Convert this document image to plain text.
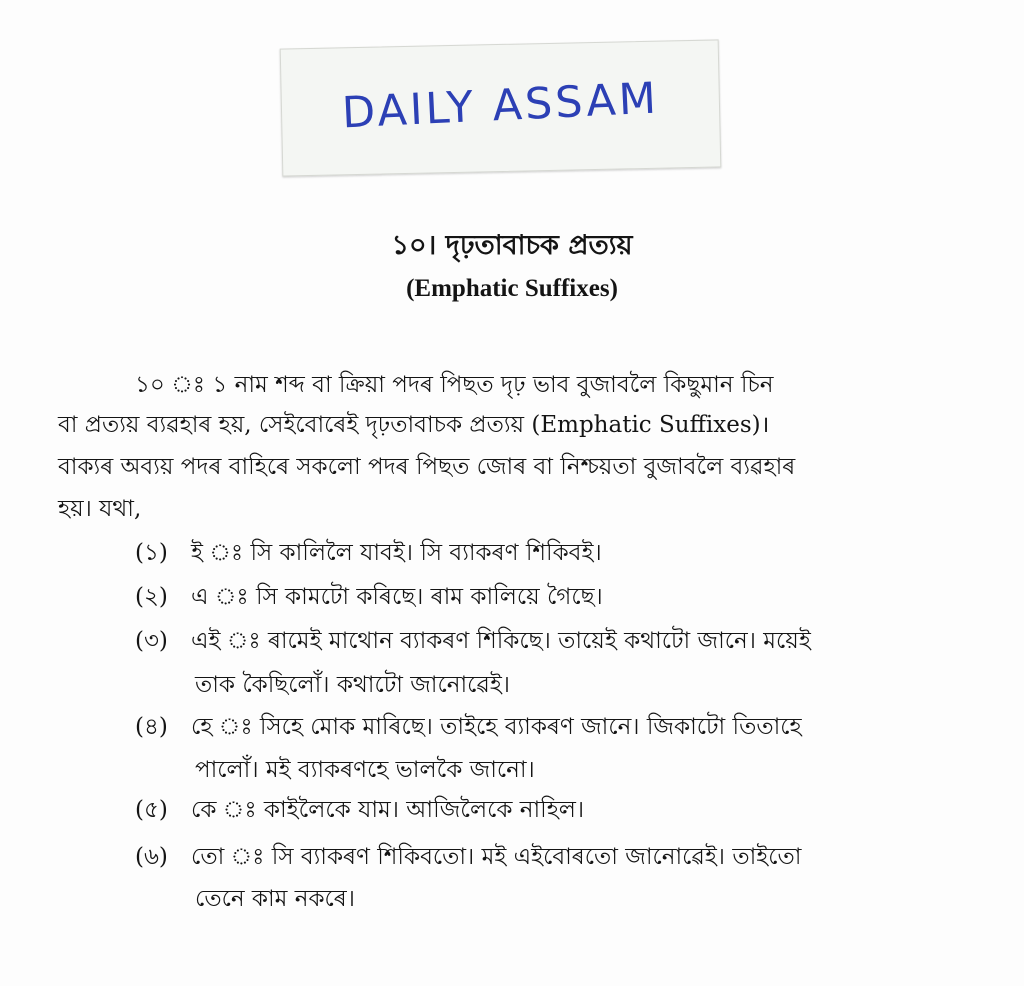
DAILY ASSAM
১০। দৃঢ়তাবাচক প্ৰত্যয়
(Emphatic Suffixes)
১০ ঃ ১ নাম শব্দ বা ক্ৰিয়া পদৰ পিছত দৃঢ় ভাব বুজাবলৈ কিছুমান চিন
বা প্ৰত্যয় ব্যৱহাৰ হয়, সেইবোৰেই দৃঢ়তাবাচক প্ৰত্যয় (Emphatic Suffixes)।
বাক্যৰ অব্যয় পদৰ বাহিৰে সকলো পদৰ পিছত জোৰ বা নিশ্চয়তা বুজাবলৈ ব্যৱহাৰ
হয়। যথা,
(১) ই ঃ সি কালিলৈ যাবই। সি ব্যাকৰণ শিকিবই।
(২) এ ঃ সি কামটো কৰিছে। ৰাম কালিয়ে গৈছে।
(৩) এই ঃ ৰামেই মাথোন ব্যাকৰণ শিকিছে। তায়েই কথাটো জানে। ময়েই
তাক কৈছিলোঁ। কথাটো জানোৱেই।
(৪) হে ঃ সিহে মোক মাৰিছে। তাইহে ব্যাকৰণ জানে। জিকাটো তিতাহে
পালোঁ। মই ব্যাকৰণহে ভালকৈ জানো।
(৫) কে ঃ কাইলৈকে যাম। আজিলৈকে নাহিল।
(৬) তো ঃ সি ব্যাকৰণ শিকিবতো। মই এইবোৰতো জানোৱেই। তাইতো
তেনে কাম নকৰে।
